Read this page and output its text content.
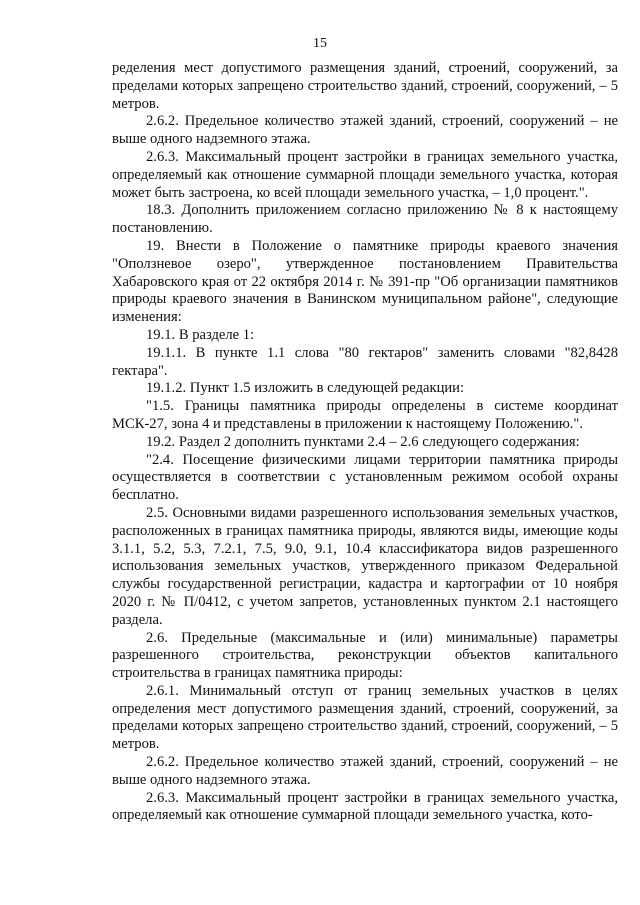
15

ределения мест допустимого размещения зданий, строений, сооружений, за пределами которых запрещено строительство зданий, строений, сооружений, – 5 метров.

2.6.2. Предельное количество этажей зданий, строений, сооружений – не выше одного надземного этажа.

2.6.3. Максимальный процент застройки в границах земельного участка, определяемый как отношение суммарной площади земельного участка, которая может быть застроена, ко всей площади земельного участка, – 1,0 процент.".

18.3. Дополнить приложением согласно приложению № 8 к настоящему постановлению.

19. Внести в Положение о памятнике природы краевого значения "Оползневое озеро", утвержденное постановлением Правительства Хабаровского края от 22 октября 2014 г. № 391-пр "Об организации памятников природы краевого значения в Ванинском муниципальном районе", следующие изменения:

19.1. В разделе 1:

19.1.1. В пункте 1.1 слова "80 гектаров" заменить словами "82,8428 гектара".

19.1.2. Пункт 1.5 изложить в следующей редакции:

"1.5. Границы памятника природы определены в системе координат МСК-27, зона 4 и представлены в приложении к настоящему Положению.".

19.2. Раздел 2 дополнить пунктами 2.4 – 2.6 следующего содержания:

"2.4. Посещение физическими лицами территории памятника природы осуществляется в соответствии с установленным режимом особой охраны бесплатно.

2.5. Основными видами разрешенного использования земельных участков, расположенных в границах памятника природы, являются виды, имеющие коды 3.1.1, 5.2, 5.3, 7.2.1, 7.5, 9.0, 9.1, 10.4 классификатора видов разрешенного использования земельных участков, утвержденного приказом Федеральной службы государственной регистрации, кадастра и картографии от 10 ноября 2020 г. № П/0412, с учетом запретов, установленных пунктом 2.1 настоящего раздела.

2.6. Предельные (максимальные и (или) минимальные) параметры разрешенного строительства, реконструкции объектов капитального строительства в границах памятника природы:

2.6.1. Минимальный отступ от границ земельных участков в целях определения мест допустимого размещения зданий, строений, сооружений, за пределами которых запрещено строительство зданий, строений, сооружений, – 5 метров.

2.6.2. Предельное количество этажей зданий, строений, сооружений – не выше одного надземного этажа.

2.6.3. Максимальный процент застройки в границах земельного участка, определяемый как отношение суммарной площади земельного участка, кото-
